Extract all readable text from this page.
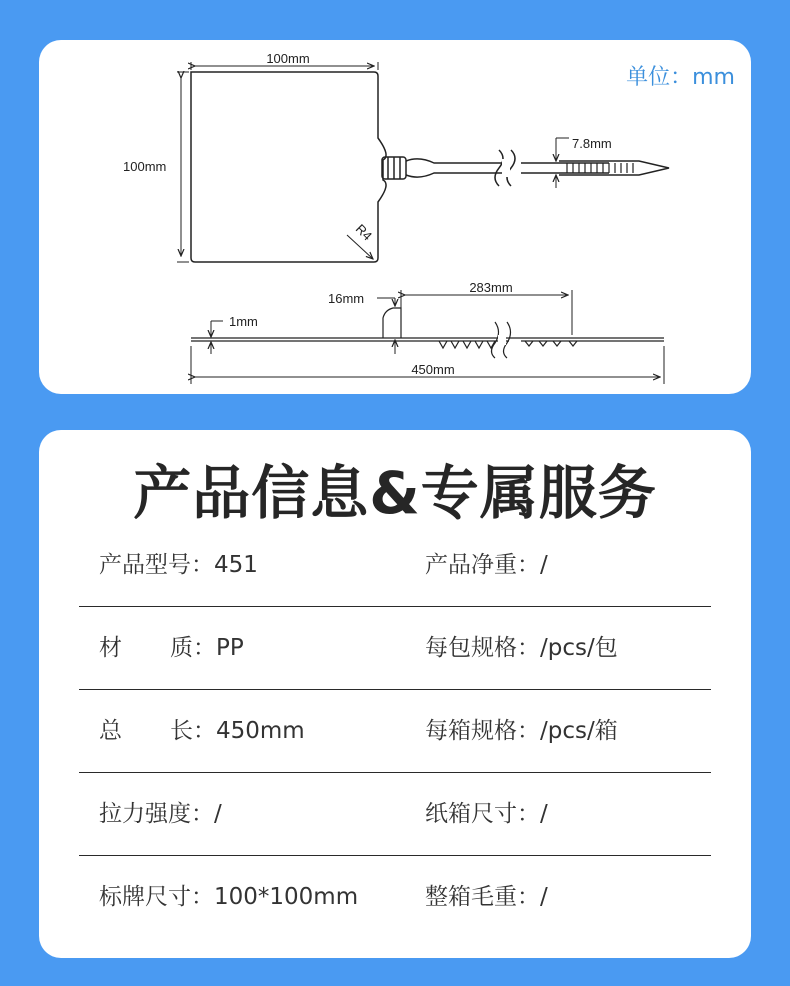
单位：mm
100mm
100mm
R4
7.8mm
16mm
1mm
283mm
450mm
产品信息&专属服务
产品型号：451	产品净重：/
材 质： PP	每包规格：/pcs/包
总 长： 450mm	每箱规格：/pcs/箱
拉力强度：/	纸箱尺寸：/
标牌尺寸：100*100mm	整箱毛重：/
